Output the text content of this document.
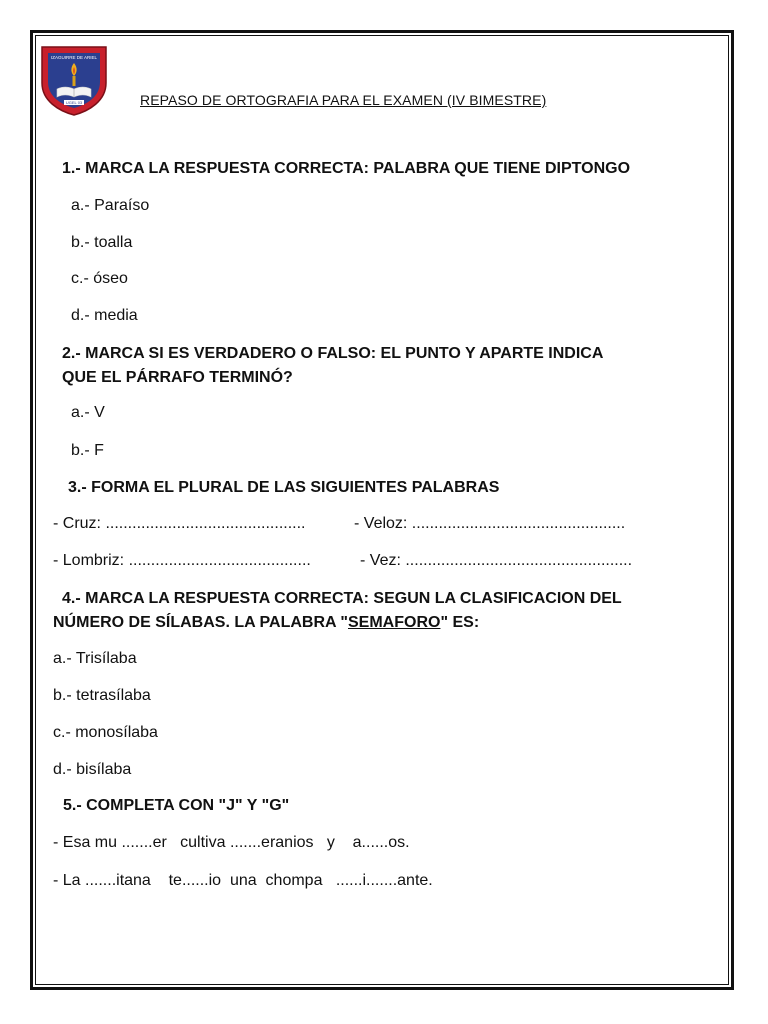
IZAGUIRRE DE ARIEL
UGEL 03	REPASO DE ORTOGRAFIA PARA EL EXAMEN (IV BIMESTRE)
1.- MARCA LA RESPUESTA CORRECTA: PALABRA QUE TIENE DIPTONGO
a.- Paraíso
b.- toalla
c.- óseo
d.- media
2.- MARCA SI ES VERDADERO O FALSO: EL PUNTO Y APARTE INDICA
QUE EL PÁRRAFO TERMINÓ?
a.- V
b.- F
3.- FORMA EL PLURAL DE LAS SIGUIENTES PALABRAS
- Cruz: .............................................	- Veloz: ................................................
- Lombriz: .........................................	- Vez: ...................................................
4.- MARCA LA RESPUESTA CORRECTA: SEGUN LA CLASIFICACION DEL
NÚMERO DE SÍLABAS. LA PALABRA "SEMAFORO" ES:
a.- Trisílaba
b.- tetrasílaba
c.- monosílaba
d.- bisílaba
5.- COMPLETA CON "J" Y "G"
- Esa mu .......er   cultiva .......eranios   y    a......os.
- La .......itana    te......io  una  chompa   ......i.......ante.
